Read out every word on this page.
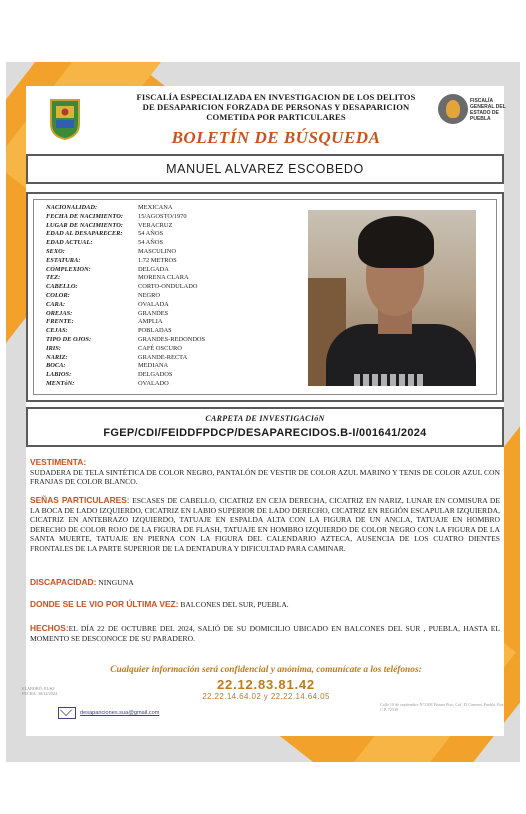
FISCALÍA GENERAL DEL ESTADO DE PUEBLA
FISCALÍA ESPECIALIZADA EN INVESTIGACION DE LOS DELITOS
DE DESAPARICION FORZADA DE PERSONAS Y DESAPARICION
COMETIDA POR PARTICULARES
BOLETÍN DE BÚSQUEDA
MANUEL ALVAREZ ESCOBEDO
NACIONALIDAD:	MEXICANA
FECHA DE NACIMIENTO:	15/AGOSTO/1970
LUGAR DE NACIMIENTO:	VERACRUZ
EDAD AL DESAPARECER:	54 AÑOS
EDAD ACTUAL:	54 AÑOS
SEXO:	MASCULINO
ESTATURA:	1.72 METROS
COMPLEXION:	DELGADA
TEZ:	MORENA CLARA
CABELLO:	CORTO-ONDULADO
COLOR:	NEGRO
CARA:	OVALADA
OREJAS:	GRANDES
FRENTE:	AMPLIA
CEJAS:	POBLADAS
TIPO DE OJOS:	GRANDES-REDONDOS
IRIS:	CAFÉ OSCURO
NARIZ:	GRANDE-RECTA
BOCA:	MEDIANA
LABIOS:	DELGADOS
MENTóN:	OVALADO
CARPETA DE INVESTIGACIóN
FGEP/CDI/FEIDDFPDCP/DESAPARECIDOS.B-I/001641/2024
VESTIMENTA:
SUDADERA DE TELA SINTÉTICA DE COLOR NEGRO, PANTALÓN DE VESTIR DE COLOR AZUL MARINO Y TENIS DE COLOR AZUL CON FRANJAS DE COLOR BLANCO.
SEÑAS PARTICULARES: ESCASES DE CABELLO, CICATRIZ EN CEJA DERECHA, CICATRIZ EN NARIZ, LUNAR EN COMISURA DE LA BOCA DE LADO IZQUIERDO, CICATRIZ EN LABIO SUPERIOR DE LADO DERECHO, CICATRIZ EN REGIÓN ESCAPULAR IZQUIERDA, CICATRIZ EN ANTEBRAZO IZQUIERDO, TATUAJE EN ESPALDA ALTA CON LA FIGURA DE UN ANCLA, TATUAJE EN HOMBRO DERECHO DE COLOR ROJO DE LA FIGURA DE FLASH, TATUAJE EN HOMBRO IZQUIERDO DE COLOR NEGRO CON LA FIGURA DE LA SANTA MUERTE, TATUAJE EN PIERNA CON LA FIGURA DEL CALENDARIO AZTECA, AUSENCIA DE LOS CUATRO DIENTES FRONTALES DE LA PARTE SUPERIOR DE LA DENTADURA Y DIFICULTAD PARA CAMINAR.
DISCAPACIDAD: NINGUNA
DONDE SE LE VIO POR ÚLTIMA VEZ: BALCONES DEL SUR, PUEBLA.
HECHOS:EL DÍA 22 DE OCTUBRE DEL 2024, SALIÓ DE SU DOMICILIO UBICADO EN BALCONES DEL SUR , PUEBLA, HASTA EL MOMENTO SE DESCONOCE DE SU PARADERO.
Cualquier información será confidencial y anónima, comunícate a los teléfonos:
22.12.83.81.42
22.22.14.64.02 y 22.22.14.64.05
ELABORÓ: ELSO
FECHA: 30/12/2024
desapariciones.sua@gmail.com
Calle 10 de septiembre N°2308 Primer Piso, Col. El Carmen, Puebla, Pue. C.P. 72530
